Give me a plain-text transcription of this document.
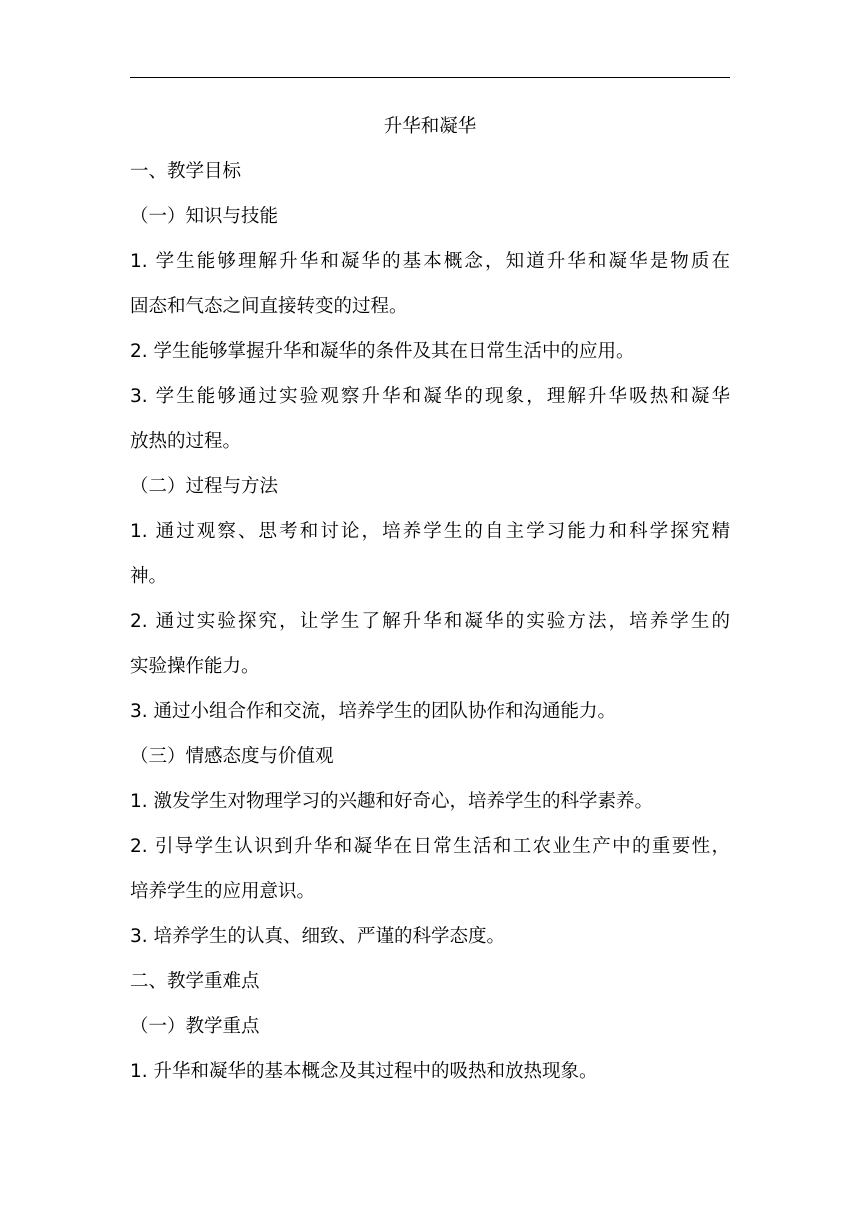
升华和凝华
一、教学目标
（一）知识与技能
1. 学生能够理解升华和凝华的基本概念，知道升华和凝华是物质在
固态和气态之间直接转变的过程。
2. 学生能够掌握升华和凝华的条件及其在日常生活中的应用。
3. 学生能够通过实验观察升华和凝华的现象，理解升华吸热和凝华
放热的过程。
（二）过程与方法
1. 通过观察、思考和讨论，培养学生的自主学习能力和科学探究精
神。
2. 通过实验探究，让学生了解升华和凝华的实验方法，培养学生的
实验操作能力。
3. 通过小组合作和交流，培养学生的团队协作和沟通能力。
（三）情感态度与价值观
1. 激发学生对物理学习的兴趣和好奇心，培养学生的科学素养。
2. 引导学生认识到升华和凝华在日常生活和工农业生产中的重要性，
培养学生的应用意识。
3. 培养学生的认真、细致、严谨的科学态度。
二、教学重难点
（一）教学重点
1. 升华和凝华的基本概念及其过程中的吸热和放热现象。
